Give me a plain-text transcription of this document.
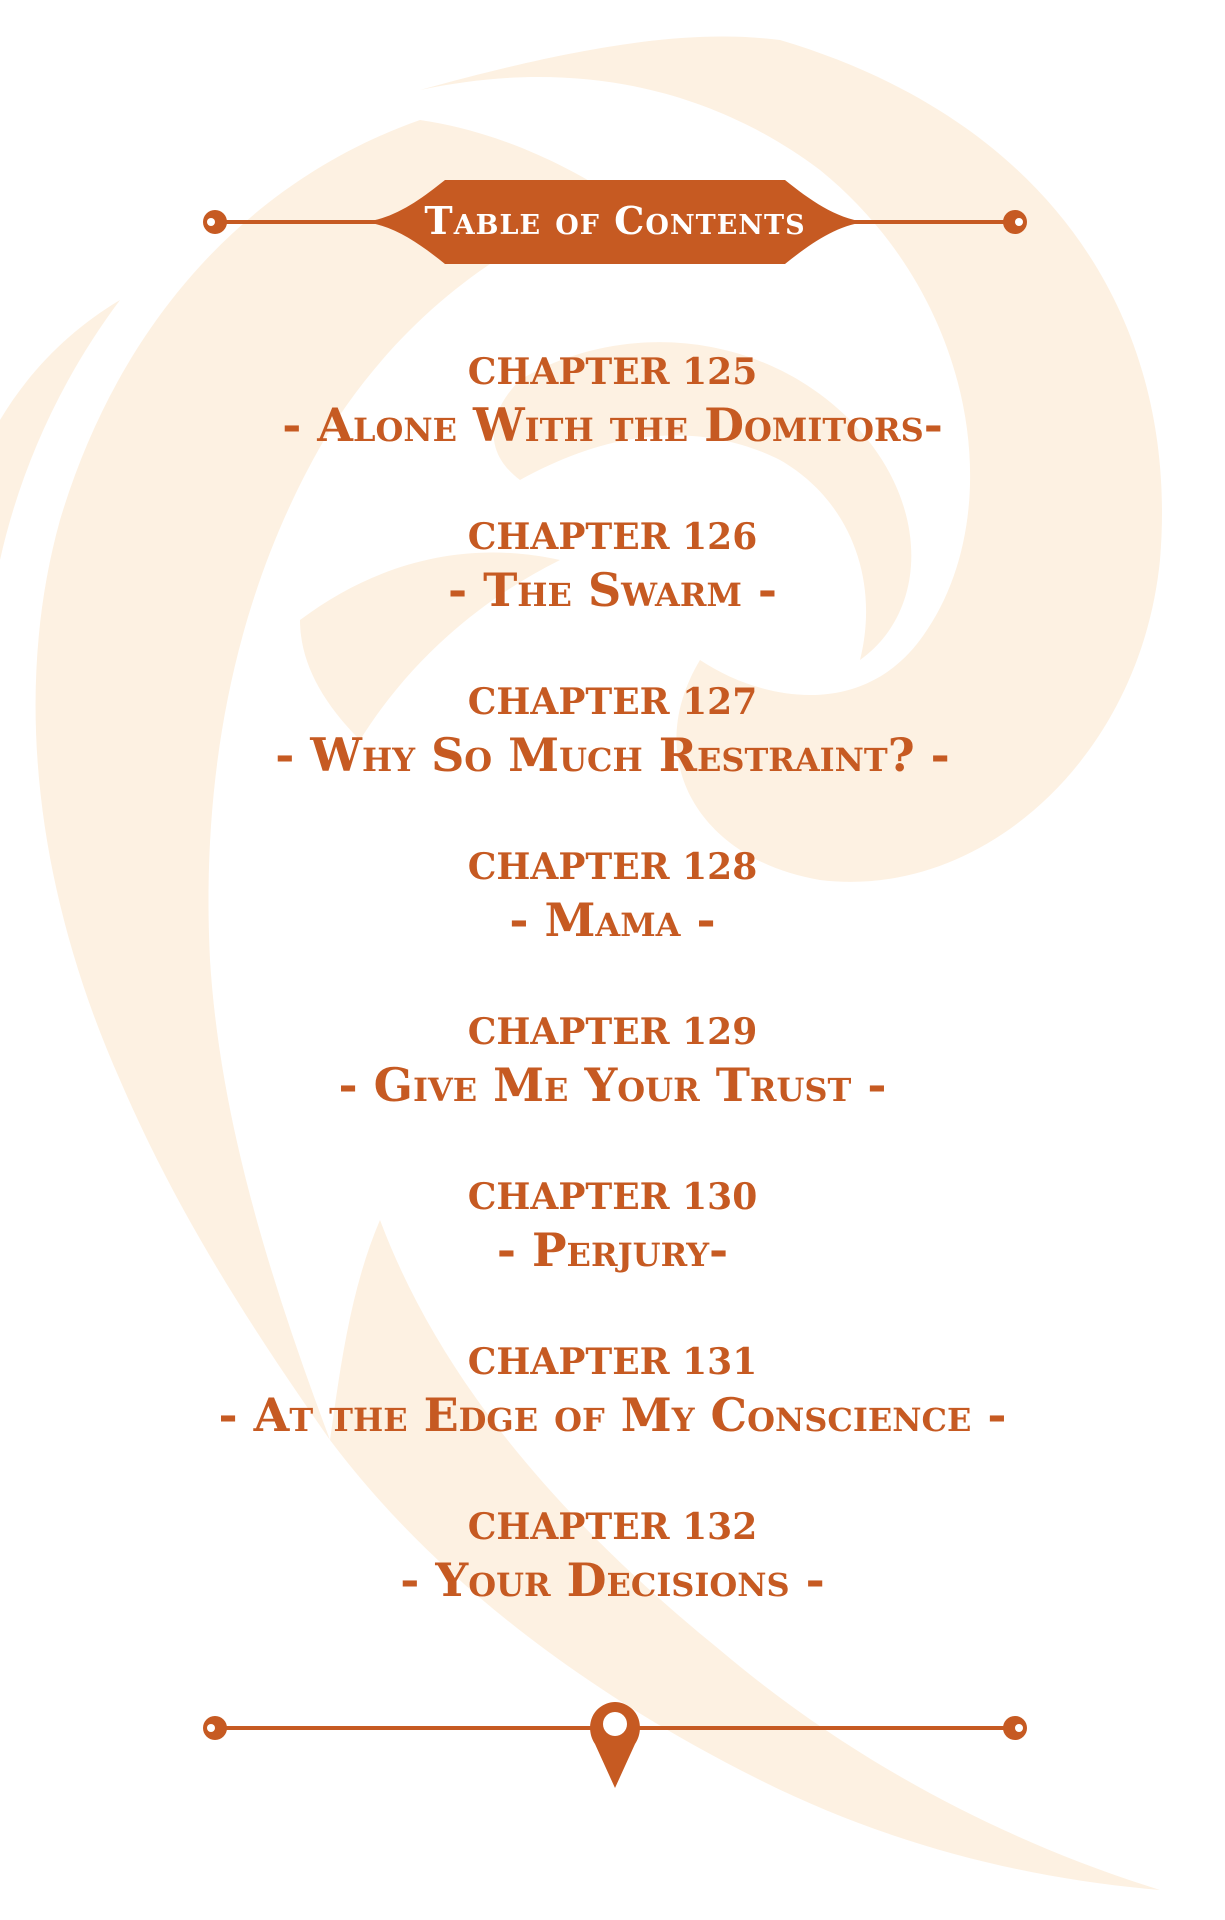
Table of Contents
CHAPTER 125
- Alone With the Domitors-
CHAPTER 126
- The Swarm -
CHAPTER 127
- Why So Much Restraint? -
CHAPTER 128
- Mama -
CHAPTER 129
- Give Me Your Trust -
CHAPTER 130
- Perjury-
CHAPTER 131
- At the Edge of My Conscience -
CHAPTER 132
- Your Decisions -
